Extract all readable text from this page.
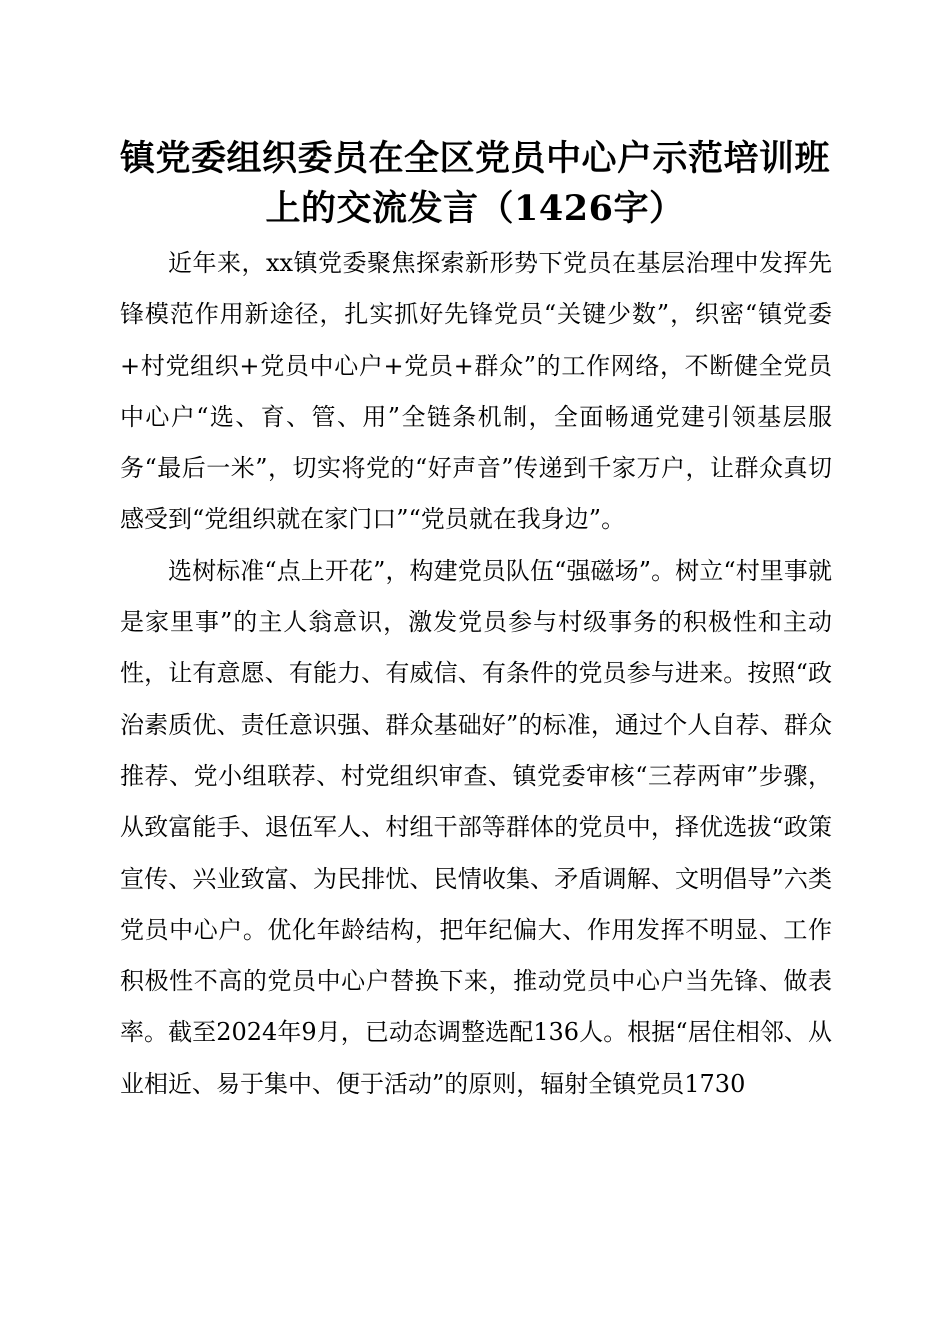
镇党委组织委员在全区党员中心户示范培训班
上的交流发言（1426字）

近年来，xx镇党委聚焦探索新形势下党员在基层治理中发挥先锋模范作用新途径，扎实抓好先锋党员“关键少数”，织密“镇党委+村党组织+党员中心户+党员+群众”的工作网络，不断健全党员中心户“选、育、管、用”全链条机制，全面畅通党建引领基层服务“最后一米”，切实将党的“好声音”传递到千家万户，让群众真切感受到“党组织就在家门口”“党员就在我身边”。

选树标准“点上开花”，构建党员队伍“强磁场”。树立“村里事就是家里事”的主人翁意识，激发党员参与村级事务的积极性和主动性，让有意愿、有能力、有威信、有条件的党员参与进来。按照“政治素质优、责任意识强、群众基础好”的标准，通过个人自荐、群众推荐、党小组联荐、村党组织审查、镇党委审核“三荐两审”步骤，从致富能手、退伍军人、村组干部等群体的党员中，择优选拔“政策宣传、兴业致富、为民排忧、民情收集、矛盾调解、文明倡导”六类党员中心户。优化年龄结构，把年纪偏大、作用发挥不明显、工作积极性不高的党员中心户替换下来，推动党员中心户当先锋、做表率。截至2024年9月，已动态调整选配136人。根据“居住相邻、从业相近、易于集中、便于活动”的原则，辐射全镇党员1730
